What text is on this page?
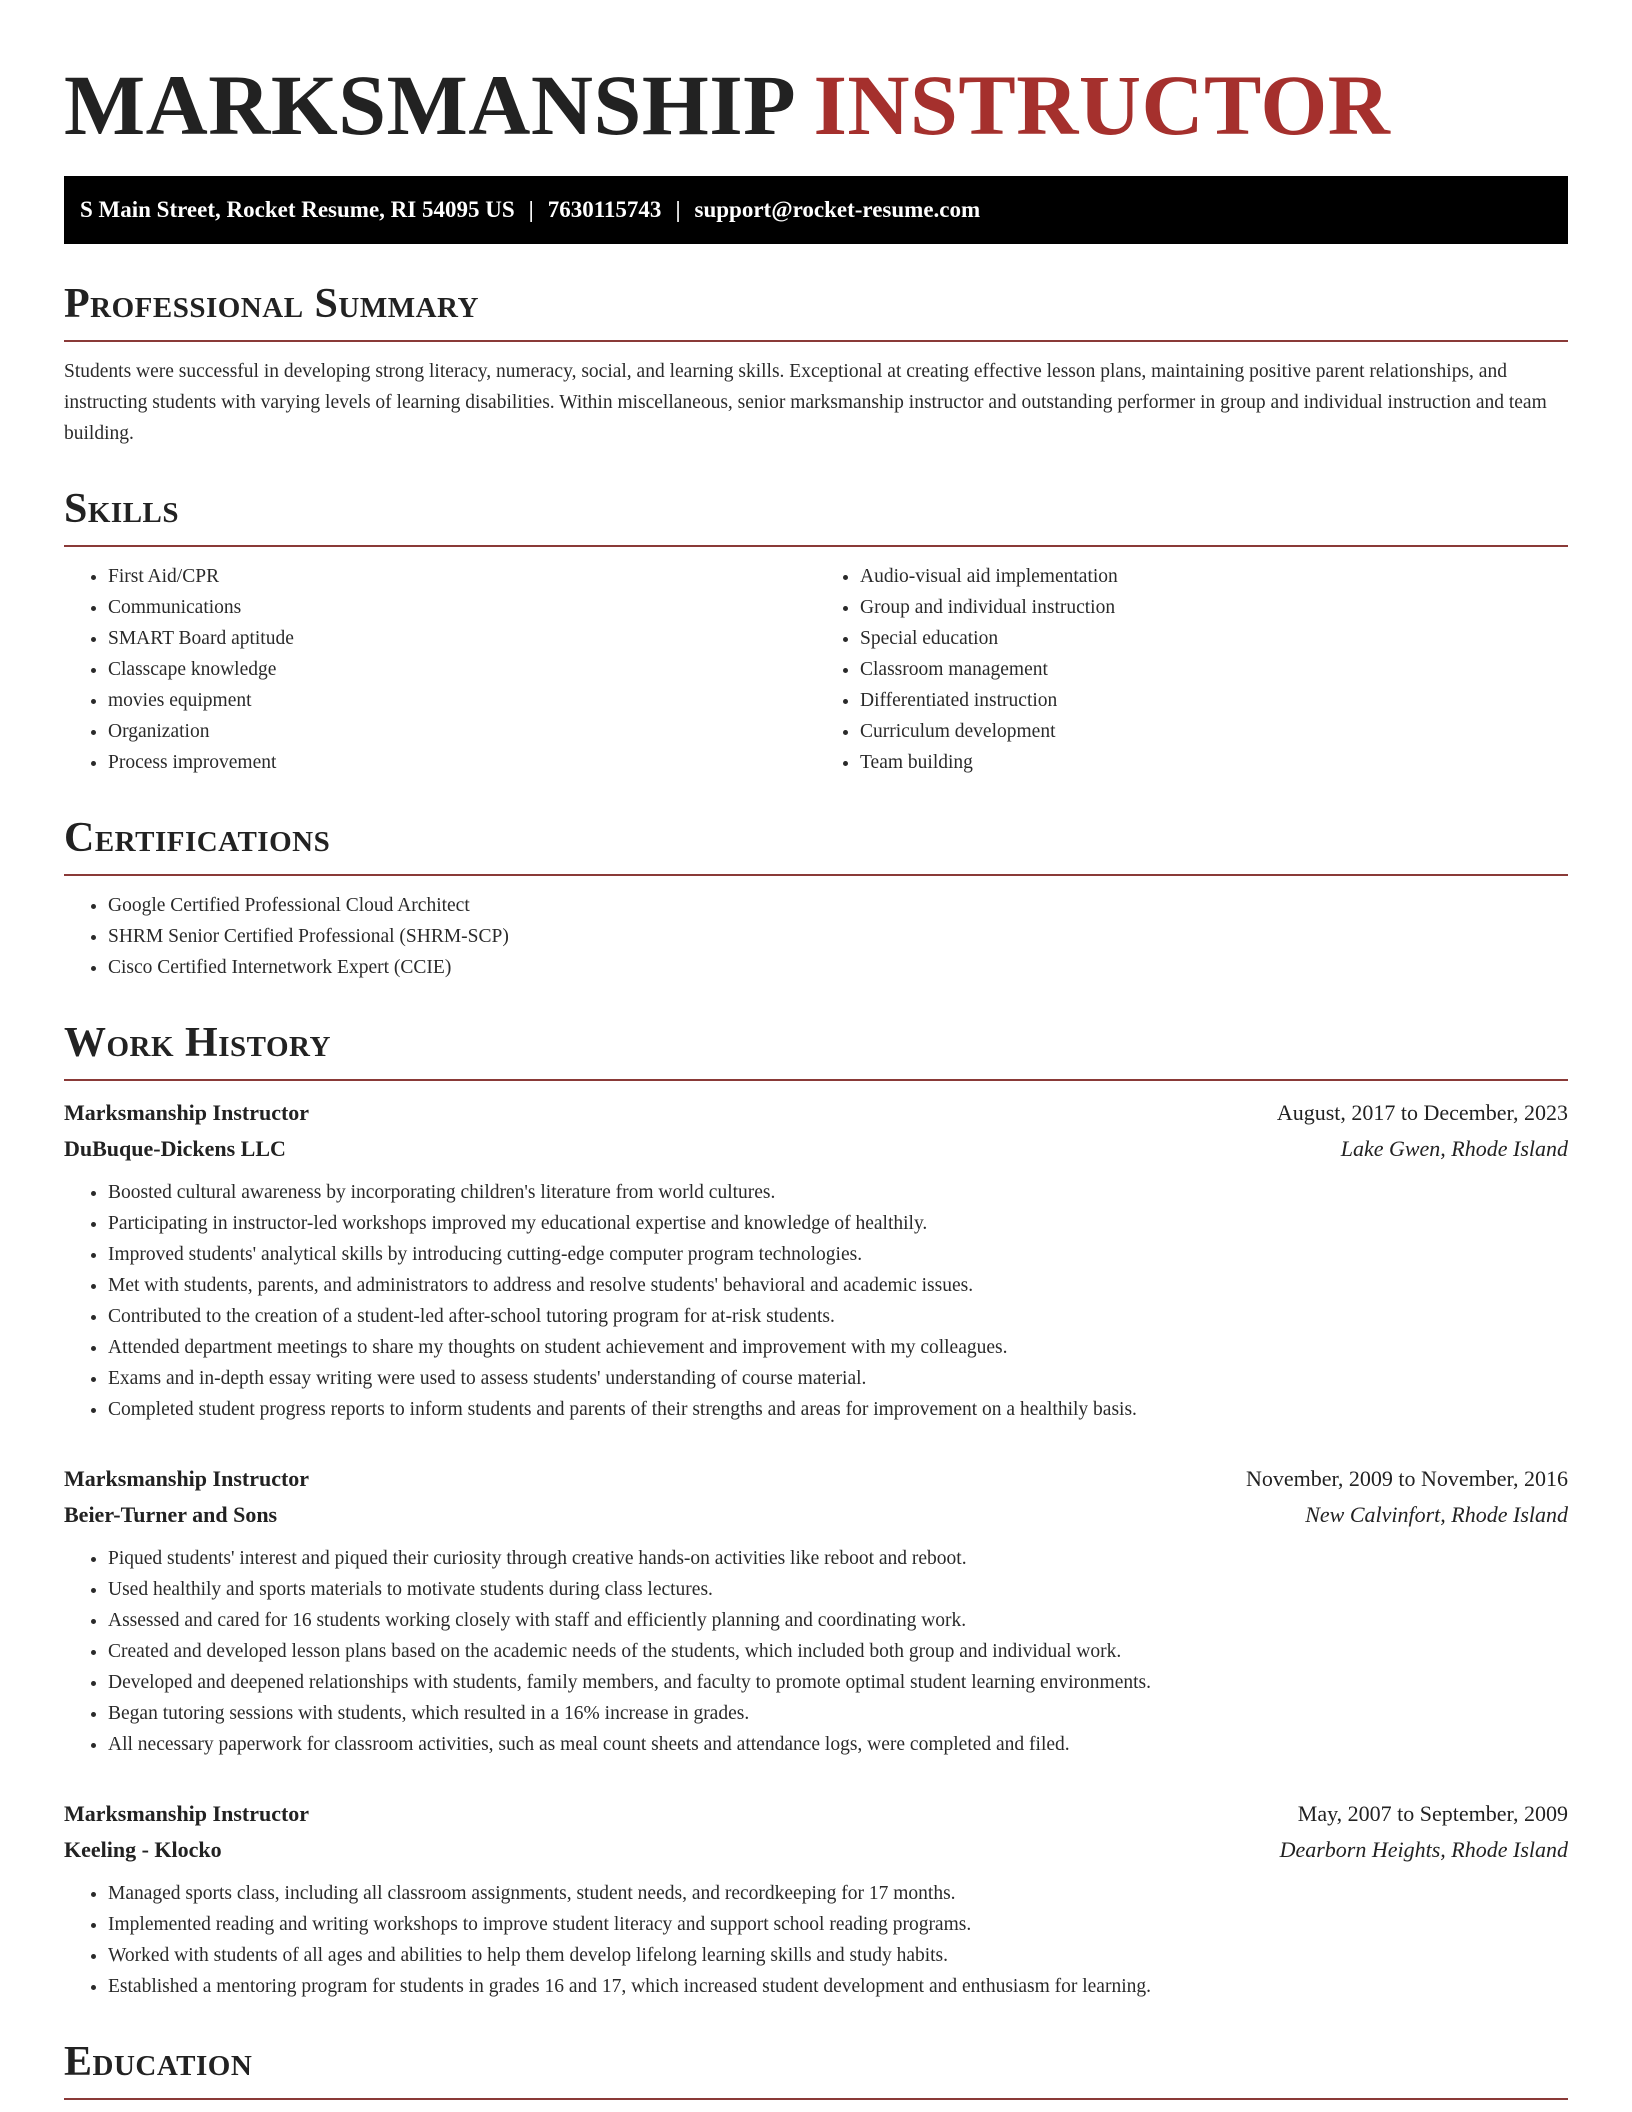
MARKSMANSHIP INSTRUCTOR
S Main Street, Rocket Resume, RI 54095 US | 7630115743 | support@rocket-resume.com
Professional Summary

Students were successful in developing strong literacy, numeracy, social, and learning skills. Exceptional at creating effective lesson plans, maintaining positive parent relationships, and instructing students with varying levels of learning disabilities. Within miscellaneous, senior marksmanship instructor and outstanding performer in group and individual instruction and team building.

Skills
• First Aid/CPR
• Communications
• SMART Board aptitude
• Classcape knowledge
• movies equipment
• Organization
• Process improvement
• Audio-visual aid implementation
• Group and individual instruction
• Special education
• Classroom management
• Differentiated instruction
• Curriculum development
• Team building
Certifications
• Google Certified Professional Cloud Architect
• SHRM Senior Certified Professional (SHRM-SCP)
• Cisco Certified Internetwork Expert (CCIE)
Work History
Marksmanship Instructor	August, 2017 to December, 2023
DuBuque-Dickens LLC	Lake Gwen, Rhode Island
• Boosted cultural awareness by incorporating children's literature from world cultures.
• Participating in instructor-led workshops improved my educational expertise and knowledge of healthily.
• Improved students' analytical skills by introducing cutting-edge computer program technologies.
• Met with students, parents, and administrators to address and resolve students' behavioral and academic issues.
• Contributed to the creation of a student-led after-school tutoring program for at-risk students.
• Attended department meetings to share my thoughts on student achievement and improvement with my colleagues.
• Exams and in-depth essay writing were used to assess students' understanding of course material.
• Completed student progress reports to inform students and parents of their strengths and areas for improvement on a healthily basis.
Marksmanship Instructor	November, 2009 to November, 2016
Beier-Turner and Sons	New Calvinfort, Rhode Island
• Piqued students' interest and piqued their curiosity through creative hands-on activities like reboot and reboot.
• Used healthily and sports materials to motivate students during class lectures.
• Assessed and cared for 16 students working closely with staff and efficiently planning and coordinating work.
• Created and developed lesson plans based on the academic needs of the students, which included both group and individual work.
• Developed and deepened relationships with students, family members, and faculty to promote optimal student learning environments.
• Began tutoring sessions with students, which resulted in a 16% increase in grades.
• All necessary paperwork for classroom activities, such as meal count sheets and attendance logs, were completed and filed.
Marksmanship Instructor	May, 2007 to September, 2009
Keeling - Klocko	Dearborn Heights, Rhode Island
• Managed sports class, including all classroom assignments, student needs, and recordkeeping for 17 months.
• Implemented reading and writing workshops to improve student literacy and support school reading programs.
• Worked with students of all ages and abilities to help them develop lifelong learning skills and study habits.
• Established a mentoring program for students in grades 16 and 17, which increased student development and enthusiasm for learning.
Education
